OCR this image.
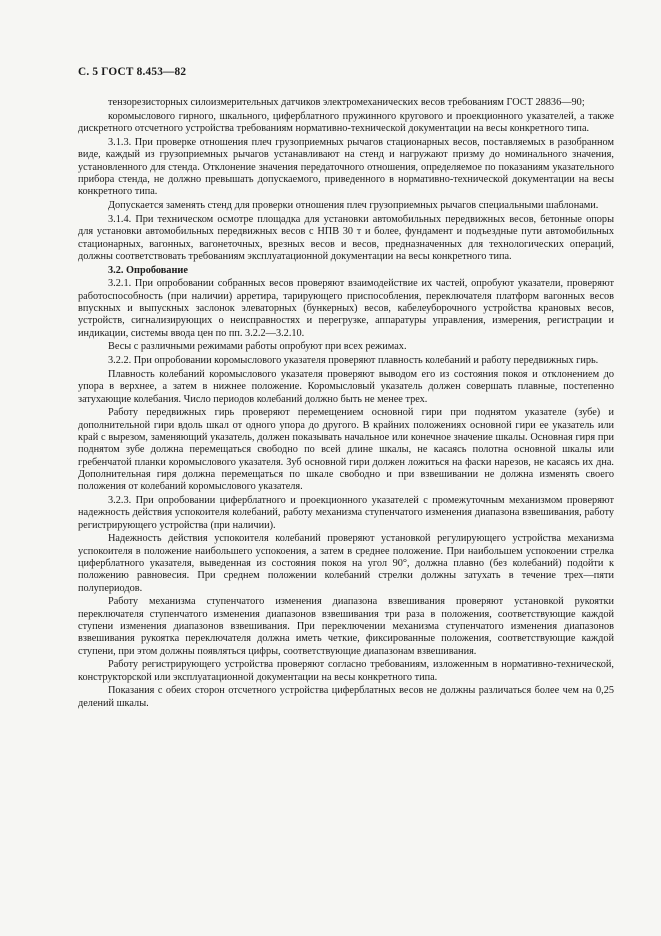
С. 5 ГОСТ 8.453—82

тензорезисторных силоизмерительных датчиков электромеханических весов требованиям ГОСТ 28836—90;

коромыслового гирного, шкального, циферблатного пружинного кругового и проекционного указателей, а также дискретного отсчетного устройства требованиям нормативно-технической документации на весы конкретного типа.

3.1.3. При проверке отношения плеч грузоприемных рычагов стационарных весов, поставляемых в разобранном виде, каждый из грузоприемных рычагов устанавливают на стенд и нагружают призму до номинального значения, установленного для стенда. Отклонение значения передаточного отношения, определяемое по показаниям указательного прибора стенда, не должно превышать допускаемого, приведенного в нормативно-технической документации на весы конкретного типа.

Допускается заменять стенд для проверки отношения плеч грузоприемных рычагов специальными шаблонами.

3.1.4. При техническом осмотре площадка для установки автомобильных передвижных весов, бетонные опоры для установки автомобильных передвижных весов с НПВ 30 т и более, фундамент и подъездные пути автомобильных стационарных, вагонных, вагонеточных, врезных весов и весов, предназначенных для технологических операций, должны соответствовать требованиям эксплуатационной документации на весы конкретного типа.

3.2. Опробование

3.2.1. При опробовании собранных весов проверяют взаимодействие их частей, опробуют указатели, проверяют работоспособность (при наличии) арретира, тарирующего приспособления, переключателя платформ вагонных весов впускных и выпускных заслонок элеваторных (бункерных) весов, кабелеуборочного устройства крановых весов, устройств, сигнализирующих о неисправностях и перегрузке, аппаратуры управления, измерения, регистрации и индикации, системы ввода цен по пп. 3.2.2—3.2.10.

Весы с различными режимами работы опробуют при всех режимах.

3.2.2. При опробовании коромыслового указателя проверяют плавность колебаний и работу передвижных гирь.

Плавность колебаний коромыслового указателя проверяют выводом его из состояния покоя и отклонением до упора в верхнее, а затем в нижнее положение. Коромысловый указатель должен совершать плавные, постепенно затухающие колебания. Число периодов колебаний должно быть не менее трех.

Работу передвижных гирь проверяют перемещением основной гири при поднятом указателе (зубе) и дополнительной гири вдоль шкал от одного упора до другого. В крайних положениях основной гири ее указатель или край с вырезом, заменяющий указатель, должен показывать начальное или конечное значение шкалы. Основная гиря при поднятом зубе должна перемещаться свободно по всей длине шкалы, не касаясь полотна основной шкалы или гребенчатой планки коромыслового указателя. Зуб основной гири должен ложиться на фаски нарезов, не касаясь их дна. Дополнительная гиря должна перемещаться по шкале свободно и при взвешивании не должна изменять своего положения от колебаний коромыслового указателя.

3.2.3. При опробовании циферблатного и проекционного указателей с промежуточным механизмом проверяют надежность действия успокоителя колебаний, работу механизма ступенчатого изменения диапазона взвешивания, работу регистрирующего устройства (при наличии).

Надежность действия успокоителя колебаний проверяют установкой регулирующего устройства механизма успокоителя в положение наибольшего успокоения, а затем в среднее положение. При наибольшем успокоении стрелка циферблатного указателя, выведенная из состояния покоя на угол 90°, должна плавно (без колебаний) подойти к положению равновесия. При среднем положении колебаний стрелки должны затухать в течение трех—пяти полупериодов.

Работу механизма ступенчатого изменения диапазона взвешивания проверяют установкой рукоятки переключателя ступенчатого изменения диапазонов взвешивания три раза в положения, соответствующие каждой ступени изменения диапазонов взвешивания. При переключении механизма ступенчатого изменения диапазонов взвешивания рукоятка переключателя должна иметь четкие, фиксированные положения, соответствующие каждой ступени, при этом должны появляться цифры, соответствующие диапазонам взвешивания.

Работу регистрирующего устройства проверяют согласно требованиям, изложенным в нормативно-технической, конструкторской или эксплуатационной документации на весы конкретного типа.

Показания с обеих сторон отсчетного устройства циферблатных весов не должны различаться более чем на 0,25 делений шкалы.
